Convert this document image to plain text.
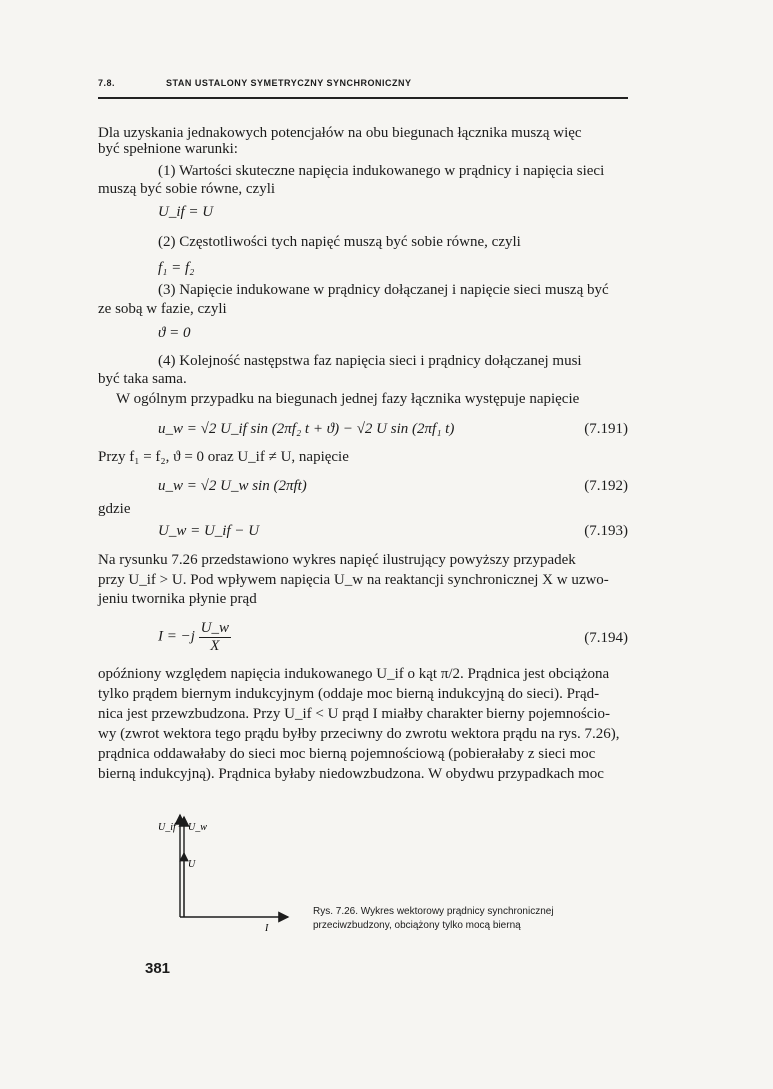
7.8.	STAN USTALONY SYMETRYCZNY SYNCHRONICZNY
Dla uzyskania jednakowych potencjałów na obu biegunach łącznika muszą więc
być spełnione warunki:
(1) Wartości skuteczne napięcia indukowanego w prądnicy i napięcia sieci
muszą być sobie równe, czyli
U_if = U
(2) Częstotliwości tych napięć muszą być sobie równe, czyli
f₁ = f₂
(3) Napięcie indukowane w prądnicy dołączanej i napięcie sieci muszą być
ze sobą w fazie, czyli
ϑ = 0
(4) Kolejność następstwa faz napięcia sieci i prądnicy dołączanej musi
być taka sama.
W ogólnym przypadku na biegunach jednej fazy łącznika występuje napięcie
u_w = √2 U_if sin (2πf₂ t + ϑ) − √2 U sin (2πf₁ t)	(7.191)
Przy f₁ = f₂, ϑ = 0 oraz U_if ≠ U, napięcie
u_w = √2 U_w sin (2πft)	(7.192)
gdzie
U_w = U_if − U	(7.193)
Na rysunku 7.26 przedstawiono wykres napięć ilustrujący powyższy przypadek
przy U_if > U. Pod wpływem napięcia U_w na reaktancji synchronicznej X w uzwo-
jeniu twornika płynie prąd
$I = -j \frac{U\_w}{X}$	(7.194)
opóźniony względem napięcia indukowanego U_if o kąt π/2. Prądnica jest obciążona
tylko prądem biernym indukcyjnym (oddaje moc bierną indukcyjną do sieci). Prąd-
nica jest przewzbudzona. Przy U_if < U prąd I miałby charakter bierny pojemnościo-
wy (zwrot wektora tego prądu byłby przeciwny do zwrotu wektora prądu na rys. 7.26),
prądnica oddawałaby do sieci moc bierną pojemnościową (pobierałaby z sieci moc
bierną indukcyjną). Prądnica byłaby niedowzbudzona. W obydwu przypadkach moc
U_if U_w
U
I
Rys. 7.26. Wykres wektorowy prądnicy synchronicznej
przeciwzbudzony, obciążony tylko mocą bierną
381
